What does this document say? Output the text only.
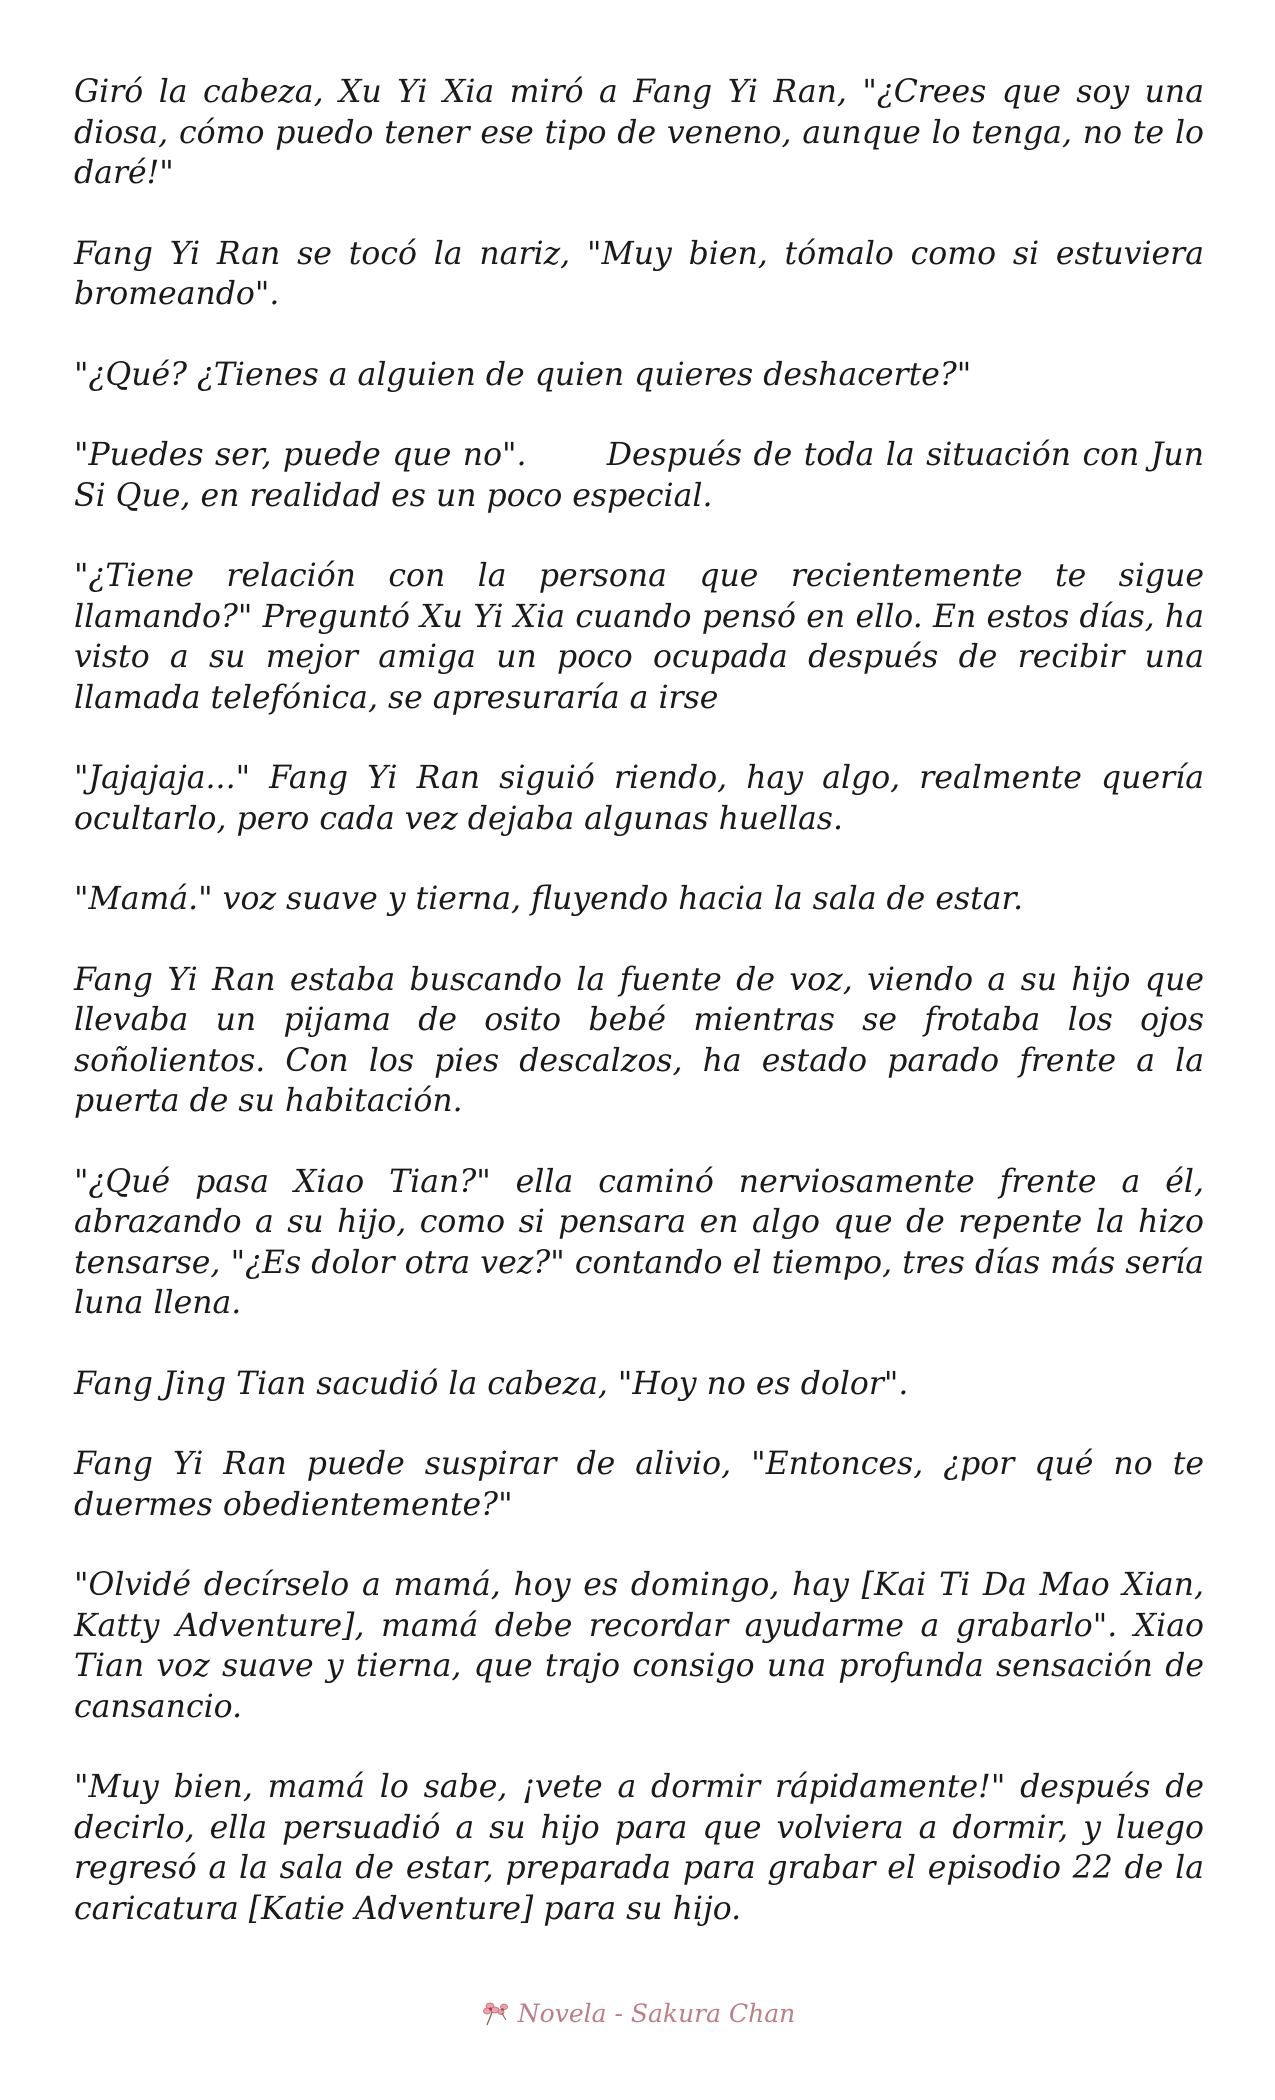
Giró la cabeza, Xu Yi Xia miró a Fang Yi Ran, "¿Crees que soy una diosa, cómo puedo tener ese tipo de veneno, aunque lo tenga, no te lo daré!"

Fang Yi Ran se tocó la nariz, "Muy bien, tómalo como si estuviera bromeando".

"¿Qué? ¿Tienes a alguien de quien quieres deshacerte?"

"Puedes ser, puede que no".       Después de toda la situación con Jun Si Que, en realidad es un poco especial.

"¿Tiene relación con la persona que recientemente te sigue llamando?" Preguntó Xu Yi Xia cuando pensó en ello. En estos días, ha visto a su mejor amiga un poco ocupada después de recibir una llamada telefónica, se apresuraría a irse

"Jajajaja..." Fang Yi Ran siguió riendo, hay algo, realmente quería ocultarlo, pero cada vez dejaba algunas huellas.

"Mamá." voz suave y tierna, fluyendo hacia la sala de estar.

Fang Yi Ran estaba buscando la fuente de voz, viendo a su hijo que llevaba un pijama de osito bebé mientras se frotaba los ojos soñolientos. Con los pies descalzos, ha estado parado frente a la puerta de su habitación.

"¿Qué pasa Xiao Tian?" ella caminó nerviosamente frente a él, abrazando a su hijo, como si pensara en algo que de repente la hizo tensarse, "¿Es dolor otra vez?" contando el tiempo, tres días más sería luna llena.

Fang Jing Tian sacudió la cabeza, "Hoy no es dolor".

Fang Yi Ran puede suspirar de alivio, "Entonces, ¿por qué no te duermes obedientemente?"

"Olvidé decírselo a mamá, hoy es domingo, hay [Kai Ti Da Mao Xian, Katty Adventure], mamá debe recordar ayudarme a grabarlo". Xiao Tian voz suave y tierna, que trajo consigo una profunda sensación de cansancio.

"Muy bien, mamá lo sabe, ¡vete a dormir rápidamente!" después de decirlo, ella persuadió a su hijo para que volviera a dormir, y luego regresó a la sala de estar, preparada para grabar el episodio 22 de la caricatura [Katie Adventure] para su hijo.

Novela - Sakura Chan
